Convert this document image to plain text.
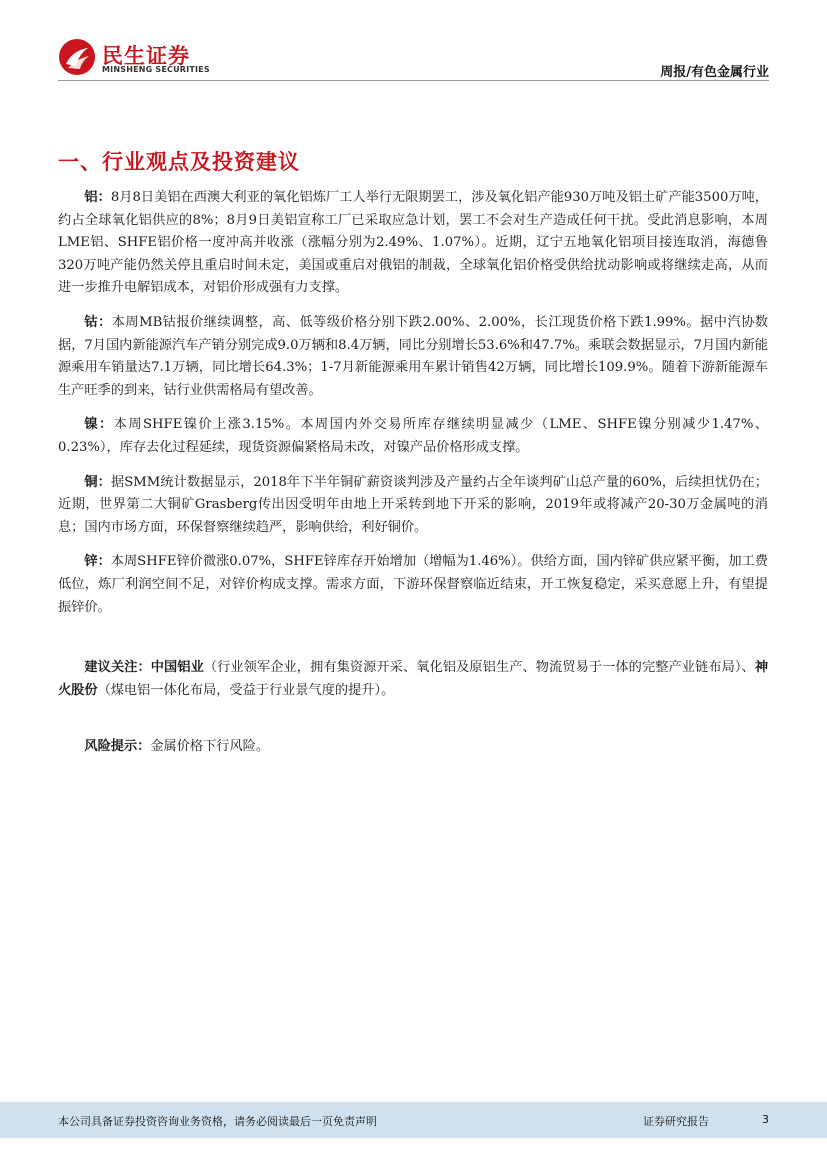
民生证券
MINSHENG SECURITIES	周报/有色金属行业
一、行业观点及投资建议

铝：8月8日美铝在西澳大利亚的氧化铝炼厂工人举行无限期罢工，涉及氧化铝产能930万吨及铝土矿产能3500万吨，约占全球氧化铝供应的8%；8月9日美铝宣称工厂已采取应急计划，罢工不会对生产造成任何干扰。受此消息影响，本周LME铝、SHFE铝价格一度冲高并收涨（涨幅分别为2.49%、1.07%）。近期，辽宁五地氧化铝项目接连取消，海德鲁320万吨产能仍然关停且重启时间未定，美国或重启对俄铝的制裁，全球氧化铝价格受供给扰动影响或将继续走高，从而进一步推升电解铝成本，对铝价形成强有力支撑。

钴：本周MB钴报价继续调整，高、低等级价格分别下跌2.00%、2.00%，长江现货价格下跌1.99%。据中汽协数据，7月国内新能源汽车产销分别完成9.0万辆和8.4万辆，同比分别增长53.6%和47.7%。乘联会数据显示，7月国内新能源乘用车销量达7.1万辆，同比增长64.3%；1-7月新能源乘用车累计销售42万辆，同比增长109.9%。随着下游新能源车生产旺季的到来，钴行业供需格局有望改善。

镍：本周SHFE镍价上涨3.15%。本周国内外交易所库存继续明显减少（LME、SHFE镍分别减少1.47%、0.23%），库存去化过程延续，现货资源偏紧格局未改，对镍产品价格形成支撑。

铜：据SMM统计数据显示，2018年下半年铜矿薪资谈判涉及产量约占全年谈判矿山总产量的60%，后续担忧仍在；近期，世界第二大铜矿Grasberg传出因受明年由地上开采转到地下开采的影响，2019年或将减产20-30万金属吨的消息；国内市场方面，环保督察继续趋严，影响供给，利好铜价。

锌：本周SHFE锌价微涨0.07%，SHFE锌库存开始增加（增幅为1.46%）。供给方面，国内锌矿供应紧平衡，加工费低位，炼厂利润空间不足，对锌价构成支撑。需求方面，下游环保督察临近结束，开工恢复稳定，采买意愿上升，有望提振锌价。

建议关注：中国铝业（行业领军企业，拥有集资源开采、氧化铝及原铝生产、物流贸易于一体的完整产业链布局）、神火股份（煤电铝一体化布局，受益于行业景气度的提升）。

风险提示：金属价格下行风险。

本公司具备证券投资咨询业务资格，请务必阅读最后一页免责声明	证券研究报告	3
